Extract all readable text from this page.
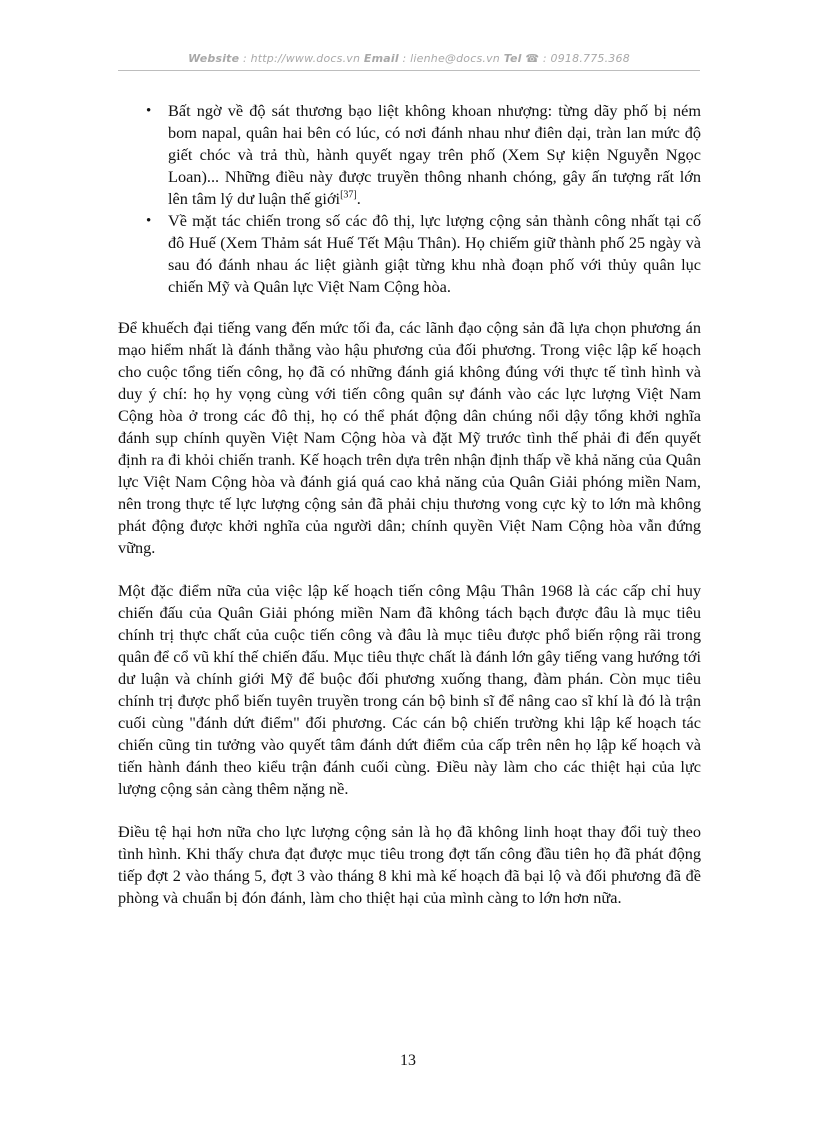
Website : http://www.docs.vn Email : lienhe@docs.vn Tel ☎ : 0918.775.368
• Bất ngờ về độ sát thương bạo liệt không khoan nhượng: từng dãy phố bị ném bom napal, quân hai bên có lúc, có nơi đánh nhau như điên dại, tràn lan mức độ giết chóc và trả thù, hành quyết ngay trên phố (Xem Sự kiện Nguyễn Ngọc Loan)... Những điều này được truyền thông nhanh chóng, gây ấn tượng rất lớn lên tâm lý dư luận thế giới[37].
• Về mặt tác chiến trong số các đô thị, lực lượng cộng sản thành công nhất tại cố đô Huế (Xem Thảm sát Huế Tết Mậu Thân). Họ chiếm giữ thành phố 25 ngày và sau đó đánh nhau ác liệt giành giật từng khu nhà đoạn phố với thủy quân lục chiến Mỹ và Quân lực Việt Nam Cộng hòa.

Để khuếch đại tiếng vang đến mức tối đa, các lãnh đạo cộng sản đã lựa chọn phương án mạo hiểm nhất là đánh thẳng vào hậu phương của đối phương. Trong việc lập kế hoạch cho cuộc tổng tiến công, họ đã có những đánh giá không đúng với thực tế tình hình và duy ý chí: họ hy vọng cùng với tiến công quân sự đánh vào các lực lượng Việt Nam Cộng hòa ở trong các đô thị, họ có thể phát động dân chúng nổi dậy tổng khởi nghĩa đánh sụp chính quyền Việt Nam Cộng hòa và đặt Mỹ trước tình thế phải đi đến quyết định ra đi khỏi chiến tranh. Kế hoạch trên dựa trên nhận định thấp về khả năng của Quân lực Việt Nam Cộng hòa và đánh giá quá cao khả năng của Quân Giải phóng miền Nam, nên trong thực tế lực lượng cộng sản đã phải chịu thương vong cực kỳ to lớn mà không phát động được khởi nghĩa của người dân; chính quyền Việt Nam Cộng hòa vẫn đứng vững.

Một đặc điểm nữa của việc lập kế hoạch tiến công Mậu Thân 1968 là các cấp chỉ huy chiến đấu của Quân Giải phóng miền Nam đã không tách bạch được đâu là mục tiêu chính trị thực chất của cuộc tiến công và đâu là mục tiêu được phổ biến rộng rãi trong quân để cổ vũ khí thế chiến đấu. Mục tiêu thực chất là đánh lớn gây tiếng vang hướng tới dư luận và chính giới Mỹ để buộc đối phương xuống thang, đàm phán. Còn mục tiêu chính trị được phổ biến tuyên truyền trong cán bộ binh sĩ để nâng cao sĩ khí là đó là trận cuối cùng "đánh dứt điểm" đối phương. Các cán bộ chiến trường khi lập kế hoạch tác chiến cũng tin tưởng vào quyết tâm đánh dứt điểm của cấp trên nên họ lập kế hoạch và tiến hành đánh theo kiểu trận đánh cuối cùng. Điều này làm cho các thiệt hại của lực lượng cộng sản càng thêm nặng nề.

Điều tệ hại hơn nữa cho lực lượng cộng sản là họ đã không linh hoạt thay đổi tuỳ theo tình hình. Khi thấy chưa đạt được mục tiêu trong đợt tấn công đầu tiên họ đã phát động tiếp đợt 2 vào tháng 5, đợt 3 vào tháng 8 khi mà kế hoạch đã bại lộ và đối phương đã đề phòng và chuẩn bị đón đánh, làm cho thiệt hại của mình càng to lớn hơn nữa.

13
